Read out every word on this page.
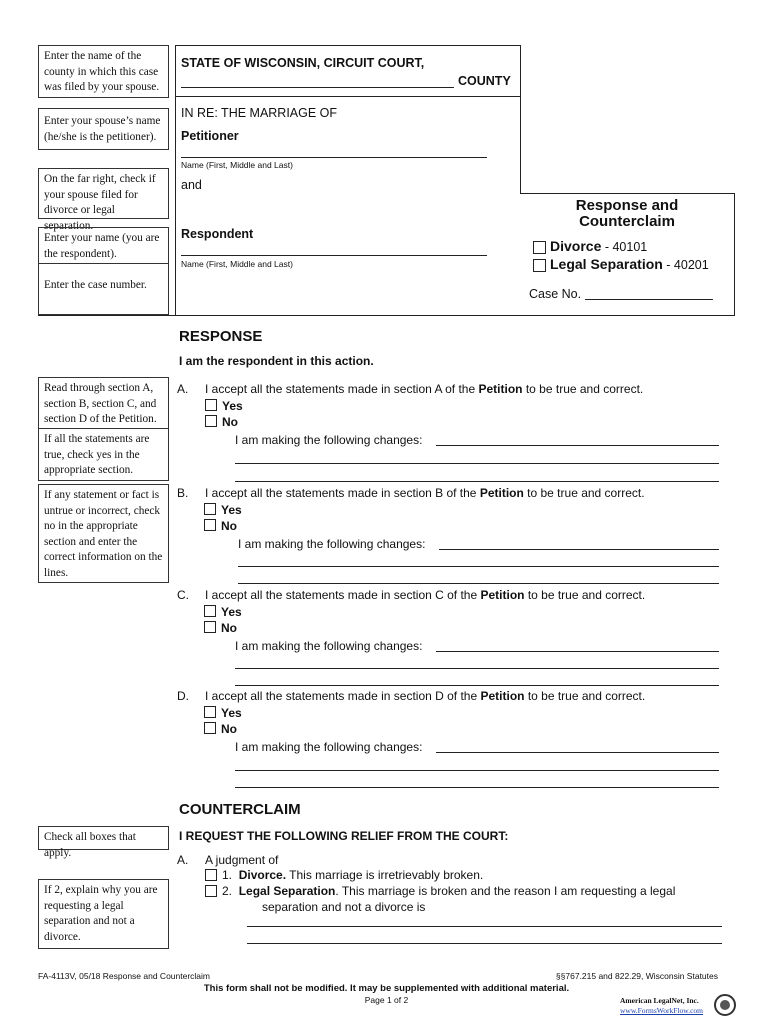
Enter the name of the county in which this case was filed by your spouse.
Enter your spouse’s name (he/she is the petitioner).
On the far right, check if your spouse filed for divorce or legal separation.
Enter your name (you are the respondent).
Enter the case number.
STATE OF WISCONSIN, CIRCUIT COURT,
COUNTY
IN RE: THE MARRIAGE OF
Petitioner
Name (First, Middle and Last)
and
Respondent
Name (First, Middle and Last)
Response and
Counterclaim
Divorce - 40101
Legal Separation - 40201
Case No.
RESPONSE
I am the respondent in this action.
Read through section A, section B, section C, and section D of the Petition.
If all the statements are true, check yes in the appropriate section.
If any statement or fact is untrue or incorrect, check no in the appropriate section and enter the correct information on the lines.
A. I accept all the statements made in section A of the Petition to be true and correct.
Yes
No
I am making the following changes:
B. I accept all the statements made in section B of the Petition to be true and correct.
Yes
No
I am making the following changes:
C. I accept all the statements made in section C of the Petition to be true and correct.
Yes
No
I am making the following changes:
D. I accept all the statements made in section D of the Petition to be true and correct.
Yes
No
I am making the following changes:
COUNTERCLAIM
Check all boxes that apply.
I REQUEST THE FOLLOWING RELIEF FROM THE COURT:
A. A judgment of
1. Divorce. This marriage is irretrievably broken.
If 2, explain why you are requesting a legal separation and not a divorce.
2. Legal Separation. This marriage is broken and the reason I am requesting a legal
separation and not a divorce is
FA-4113V, 05/18 Response and Counterclaim	§§767.215 and 822.29, Wisconsin Statutes
This form shall not be modified. It may be supplemented with additional material.
Page 1 of 2	American LegalNet, Inc.
www.FormsWorkFlow.com
